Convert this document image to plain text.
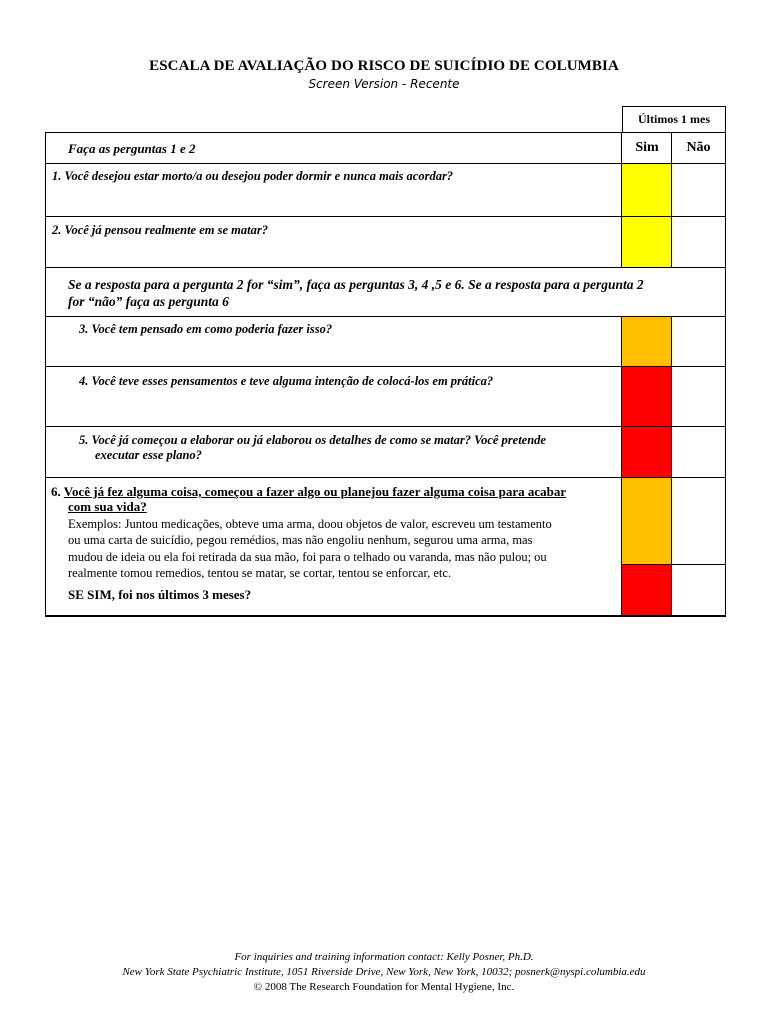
ESCALA DE AVALIAÇÃO DO RISCO DE SUICÍDIO DE COLUMBIA
Screen Version - Recente
Últimos 1 mes
Faça as perguntas 1 e 2	Sim	Não
1. Você desejou estar morto/a ou desejou poder dormir e nunca mais acordar?
2. Você já pensou realmente em se matar?
Se a resposta para a pergunta 2 for “sim”, faça as perguntas 3, 4 ,5 e 6. Se a resposta para a pergunta 2
for “não” faça as pergunta 6
3. Você tem pensado em como poderia fazer isso?
4. Você teve esses pensamentos e teve alguma intenção de colocá-los em prática?
5. Você já começou a elaborar ou já elaborou os detalhes de como se matar? Você pretende
executar esse plano?
6. Você já fez alguma coisa, começou a fazer algo ou planejou fazer alguma coisa para acabar
com sua vida?
Exemplos: Juntou medicações, obteve uma arma, doou objetos de valor, escreveu um testamento
ou uma carta de suicídio, pegou remédios, mas não engoliu nenhum, segurou uma arma, mas
mudou de ideia ou ela foi retirada da sua mão, foi para o telhado ou varanda, mas não pulou; ou
realmente tomou remedios, tentou se matar, se cortar, tentou se enforcar, etc.
SE SIM, foi nos últimos 3 meses?
For inquiries and training information contact: Kelly Posner, Ph.D.
New York State Psychiatric Institute, 1051 Riverside Drive, New York, New York, 10032; posnerk@nyspi.columbia.edu
© 2008 The Research Foundation for Mental Hygiene, Inc.
